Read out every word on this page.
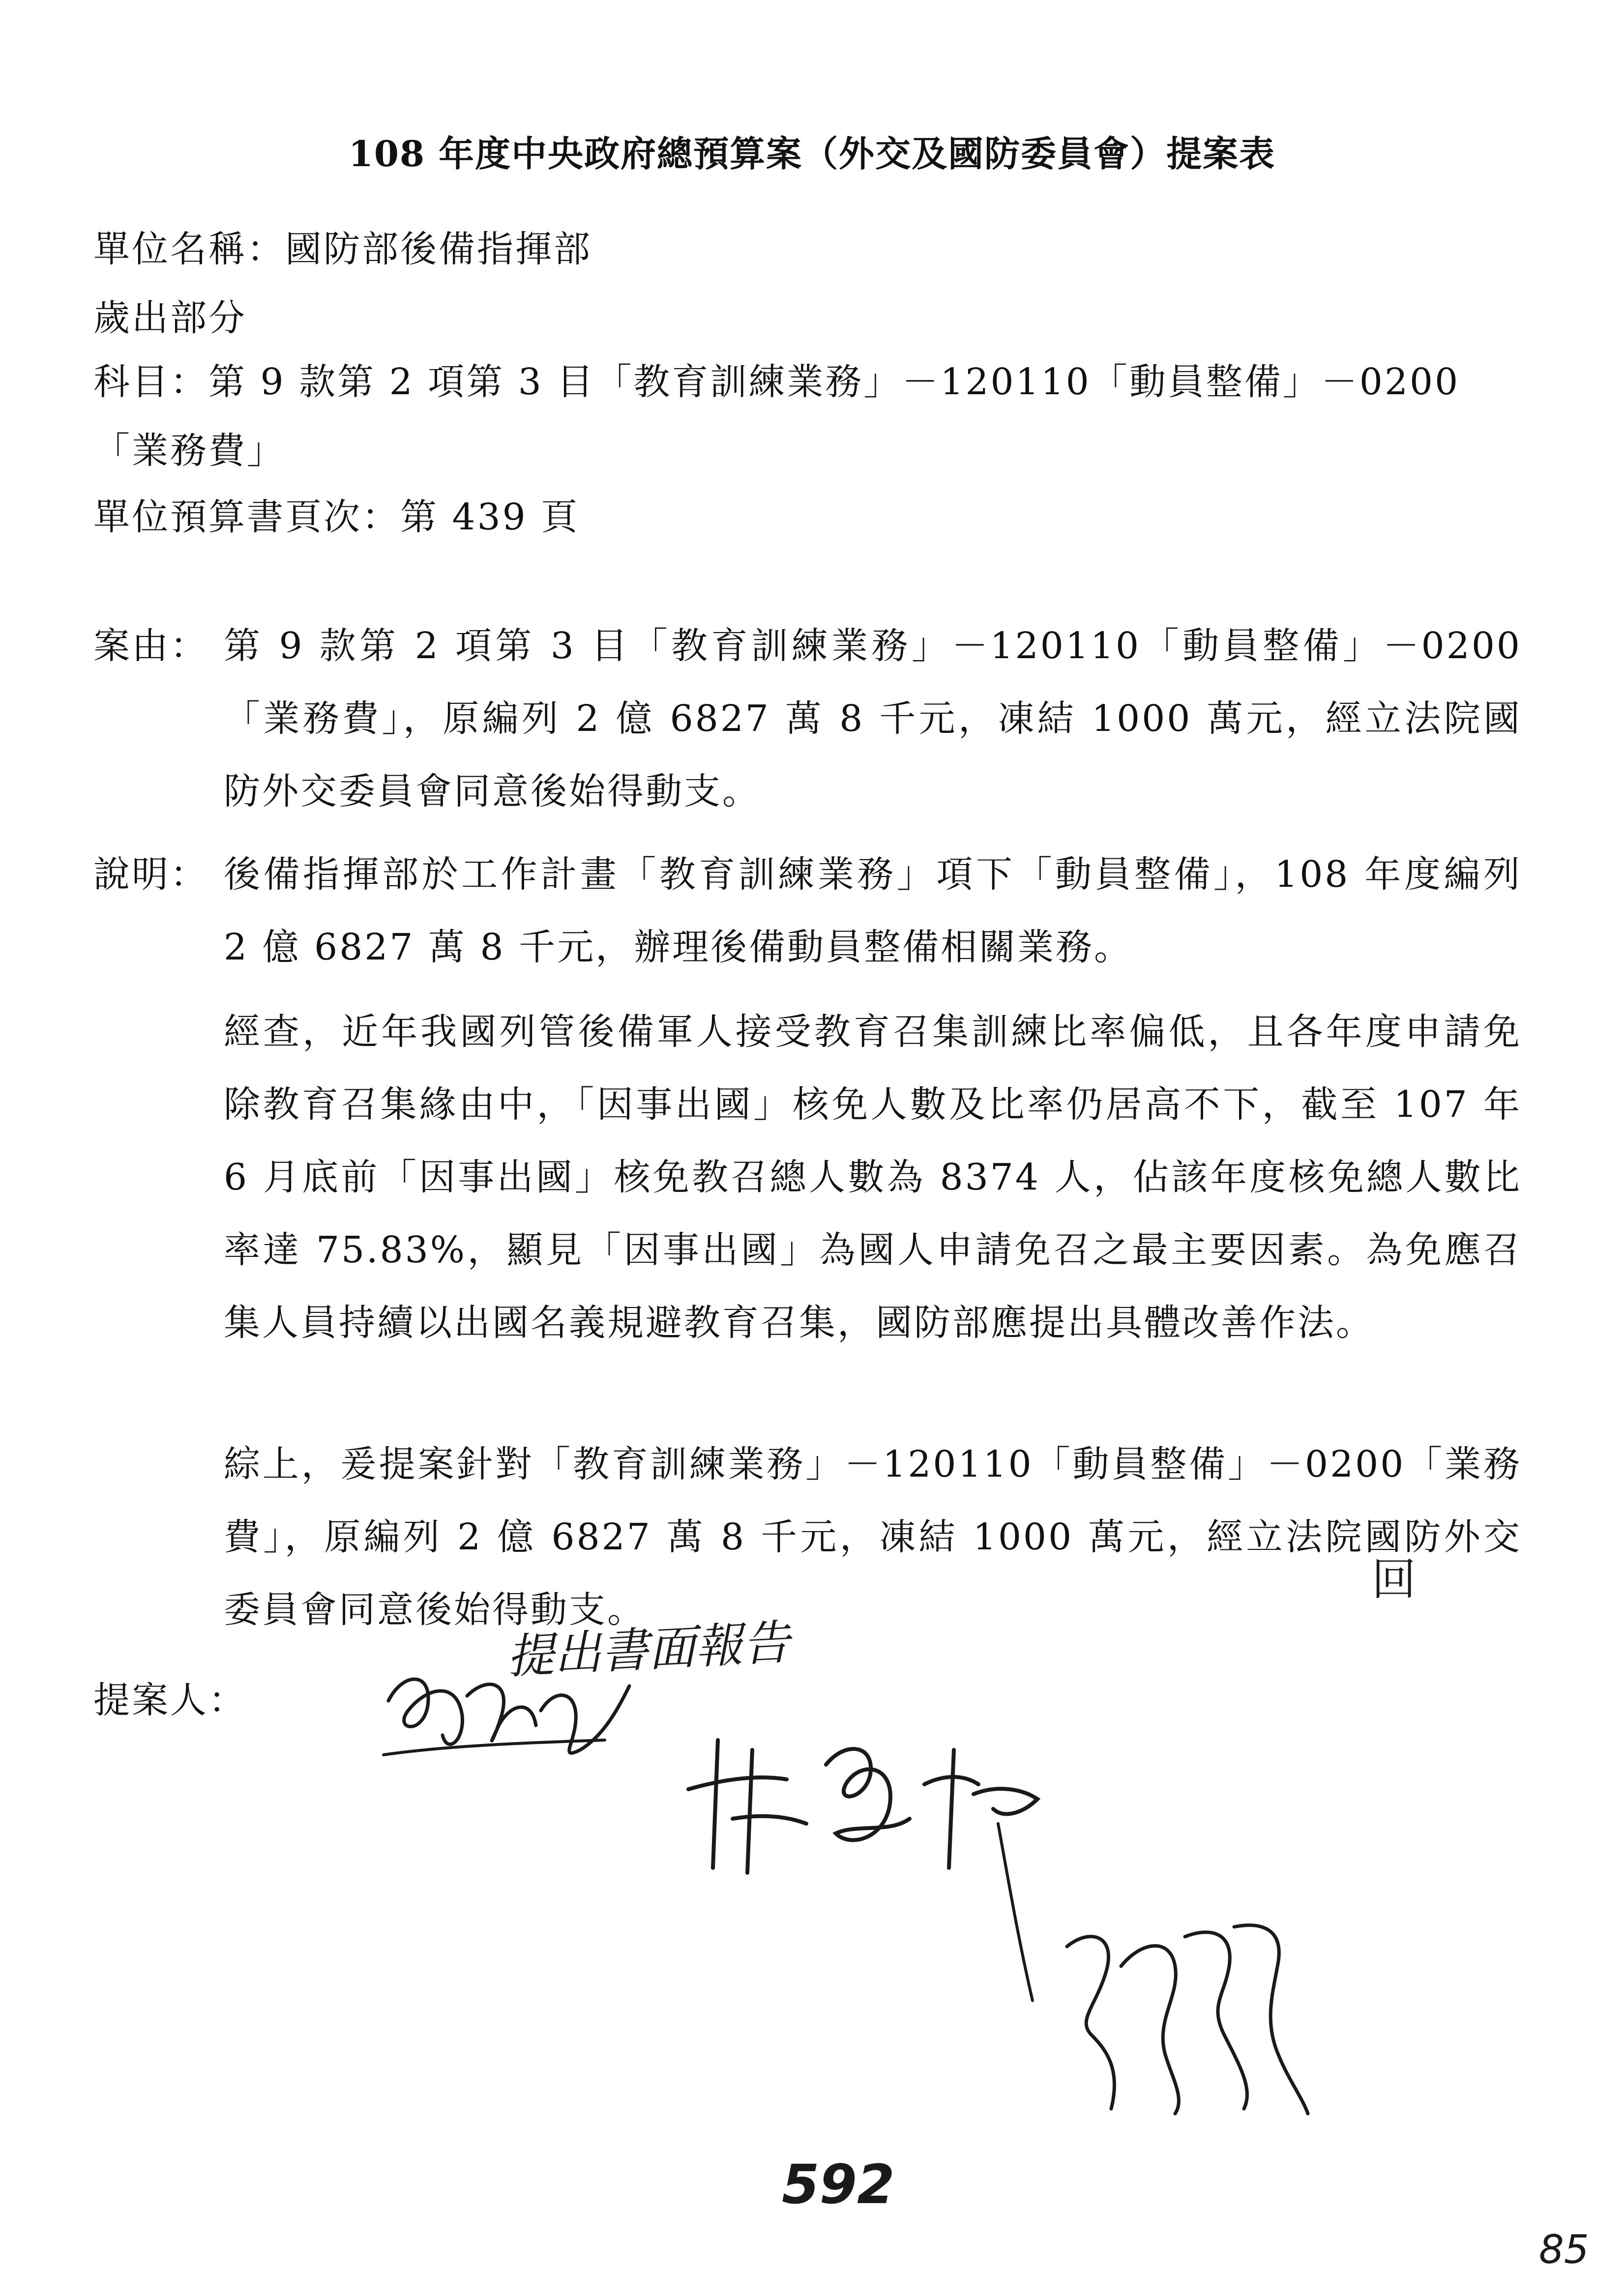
108 年度中央政府總預算案（外交及國防委員會）提案表
單位名稱：國防部後備指揮部
歲出部分
科目：第 9 款第 2 項第 3 目「教育訓練業務」－120110「動員整備」－0200
「業務費」
單位預算書頁次：第 439 頁
案由： 第 9 款第 2 項第 3 目「教育訓練業務」－120110「動員整備」－0200「業務費」，原編列 2 億 6827 萬 8 千元，凍結 1000 萬元，經立法院國防外交委員會同意後始得動支。
說明： 後備指揮部於工作計畫「教育訓練業務」項下「動員整備」，108 年度編列 2 億 6827 萬 8 千元，辦理後備動員整備相關業務。
經查，近年我國列管後備軍人接受教育召集訓練比率偏低，且各年度申請免除教育召集緣由中，「因事出國」核免人數及比率仍居高不下，截至 107 年 6 月底前「因事出國」核免教召總人數為 8374 人，佔該年度核免總人數比率達 75.83%，顯見「因事出國」為國人申請免召之最主要因素。為免應召集人員持續以出國名義規避教育召集，國防部應提出具體改善作法。
綜上，爰提案針對「教育訓練業務」－120110「動員整備」－0200「業務費」，原編列 2 億 6827 萬 8 千元，凍結 1000 萬元，經立法院國防外交委員會同意後始得動支。
回
提案人：
提出書面報告
592
85
